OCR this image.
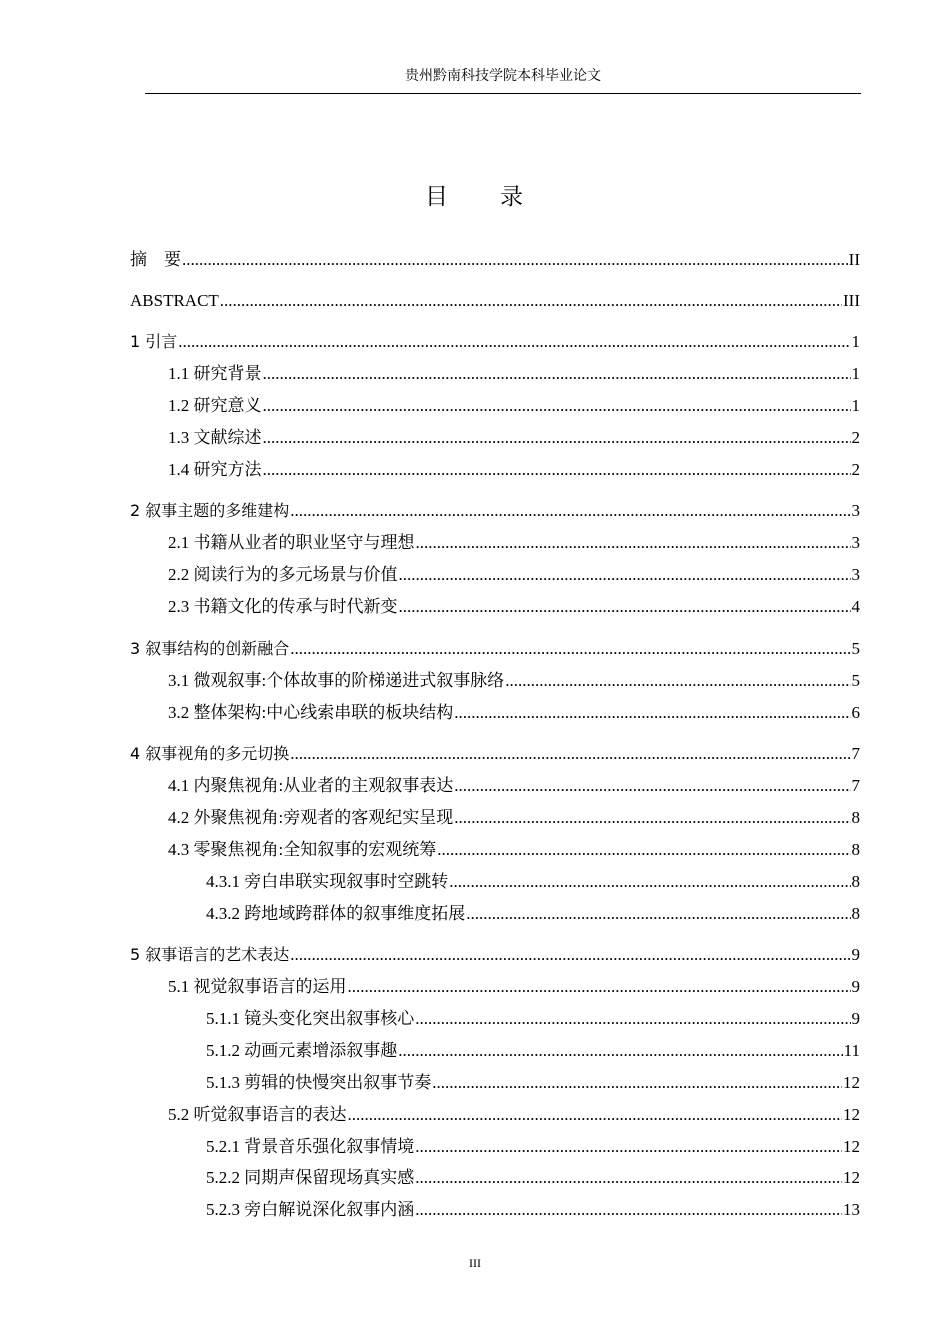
贵州黔南科技学院本科毕业论文
目 录
摘　要 .....	II
ABSTRACT .....	III
1 引言 .....	1
1.1 研究背景 .....	1
1.2 研究意义 .....	1
1.3 文献综述 .....	2
1.4 研究方法 .....	2
2 叙事主题的多维建构 .....	3
2.1 书籍从业者的职业坚守与理想 .....	3
2.2 阅读行为的多元场景与价值 .....	3
2.3 书籍文化的传承与时代新变 .....	4
3 叙事结构的创新融合 .....	5
3.1 微观叙事:个体故事的阶梯递进式叙事脉络 .....	5
3.2 整体架构:中心线索串联的板块结构 .....	6
4 叙事视角的多元切换 .....	7
4.1 内聚焦视角:从业者的主观叙事表达 .....	7
4.2 外聚焦视角:旁观者的客观纪实呈现 .....	8
4.3 零聚焦视角:全知叙事的宏观统筹 .....	8
4.3.1 旁白串联实现叙事时空跳转 .....	8
4.3.2 跨地域跨群体的叙事维度拓展 .....	8
5 叙事语言的艺术表达 .....	9
5.1 视觉叙事语言的运用 .....	9
5.1.1 镜头变化突出叙事核心 .....	9
5.1.2 动画元素增添叙事趣 .....	11
5.1.3 剪辑的快慢突出叙事节奏 .....	12
5.2 听觉叙事语言的表达 .....	12
5.2.1 背景音乐强化叙事情境 .....	12
5.2.2 同期声保留现场真实感 .....	12
5.2.3 旁白解说深化叙事内涵 .....	13
III
